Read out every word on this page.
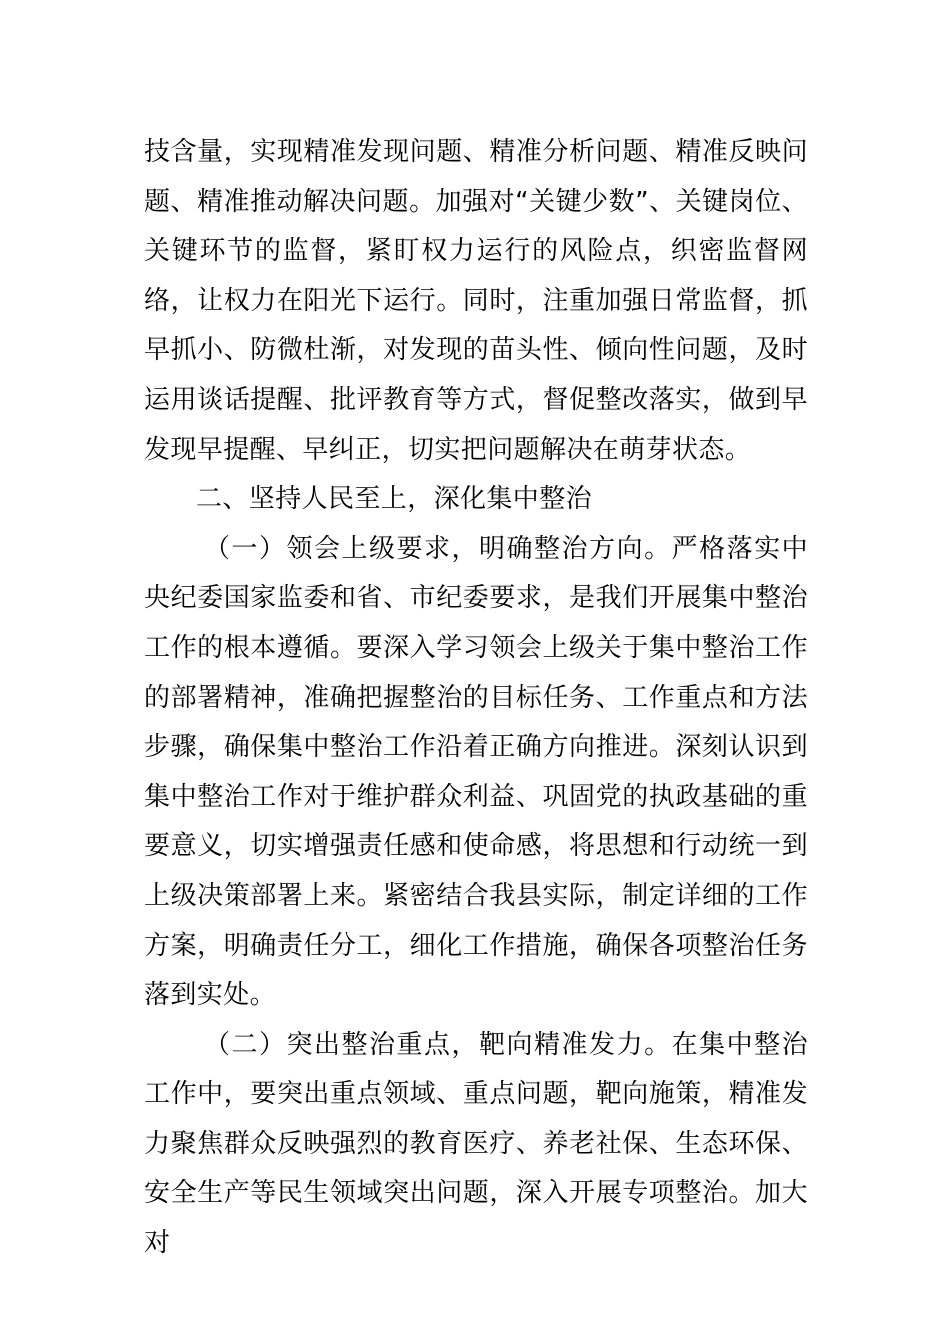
技含量，实现精准发现问题、精准分析问题、精准反映问题、精准推动解决问题。加强对“关键少数”、关键岗位、关键环节的监督，紧盯权力运行的风险点，织密监督网络，让权力在阳光下运行。同时，注重加强日常监督，抓早抓小、防微杜渐，对发现的苗头性、倾向性问题，及时运用谈话提醒、批评教育等方式，督促整改落实，做到早发现早提醒、早纠正，切实把问题解决在萌芽状态。

二、坚持人民至上，深化集中整治

（一）领会上级要求，明确整治方向。严格落实中央纪委国家监委和省、市纪委要求，是我们开展集中整治工作的根本遵循。要深入学习领会上级关于集中整治工作的部署精神，准确把握整治的目标任务、工作重点和方法步骤，确保集中整治工作沿着正确方向推进。深刻认识到集中整治工作对于维护群众利益、巩固党的执政基础的重要意义，切实增强责任感和使命感，将思想和行动统一到上级决策部署上来。紧密结合我县实际，制定详细的工作方案，明确责任分工，细化工作措施，确保各项整治任务落到实处。

（二）突出整治重点，靶向精准发力。在集中整治工作中，要突出重点领域、重点问题，靶向施策，精准发力聚焦群众反映强烈的教育医疗、养老社保、生态环保、安全生产等民生领域突出问题，深入开展专项整治。加大对
